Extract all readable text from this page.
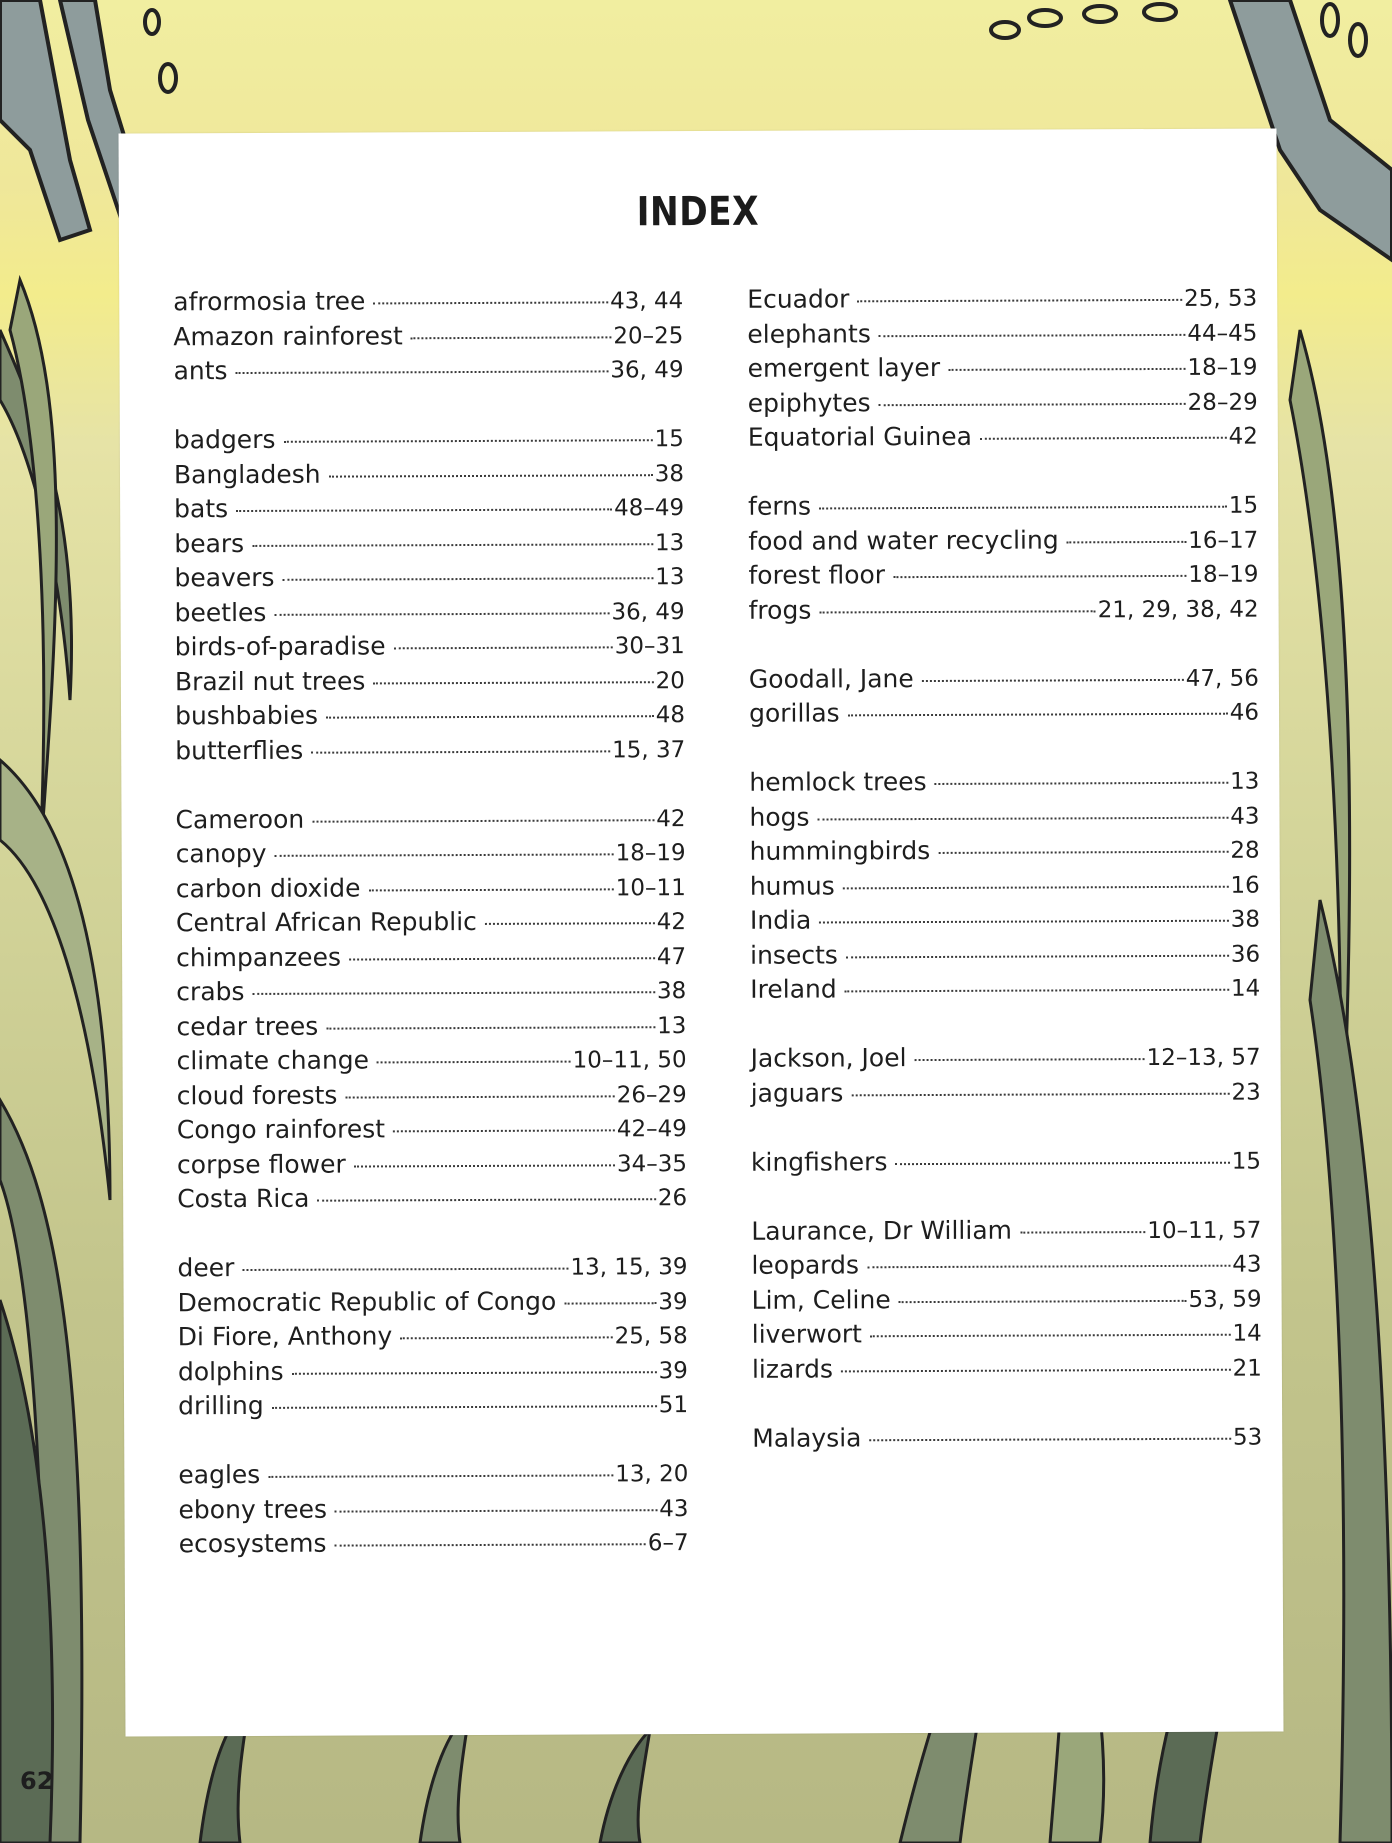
INDEX
afrormosia tree	43, 44
Amazon rainforest	20–25
ants	36, 49
badgers	15
Bangladesh	38
bats	48–49
bears	13
beavers	13
beetles	36, 49
birds-of-paradise	30–31
Brazil nut trees	20
bushbabies	48
butterflies	15, 37
Cameroon	42
canopy	18–19
carbon dioxide	10–11
Central African Republic	42
chimpanzees	47
crabs	38
cedar trees	13
climate change	10–11, 50
cloud forests	26–29
Congo rainforest	42–49
corpse flower	34–35
Costa Rica	26
deer	13, 15, 39
Democratic Republic of Congo	39
Di Fiore, Anthony	25, 58
dolphins	39
drilling	51
eagles	13, 20
ebony trees	43
ecosystems	6–7
Ecuador	25, 53
elephants	44–45
emergent layer	18–19
epiphytes	28–29
Equatorial Guinea	42
ferns	15
food and water recycling	16–17
forest floor	18–19
frogs	21, 29, 38, 42
Goodall, Jane	47, 56
gorillas	46
hemlock trees	13
hogs	43
hummingbirds	28
humus	16
India	38
insects	36
Ireland	14
Jackson, Joel	12–13, 57
jaguars	23
kingfishers	15
Laurance, Dr William	10–11, 57
leopards	43
Lim, Celine	53, 59
liverwort	14
lizards	21
Malaysia	53
62
